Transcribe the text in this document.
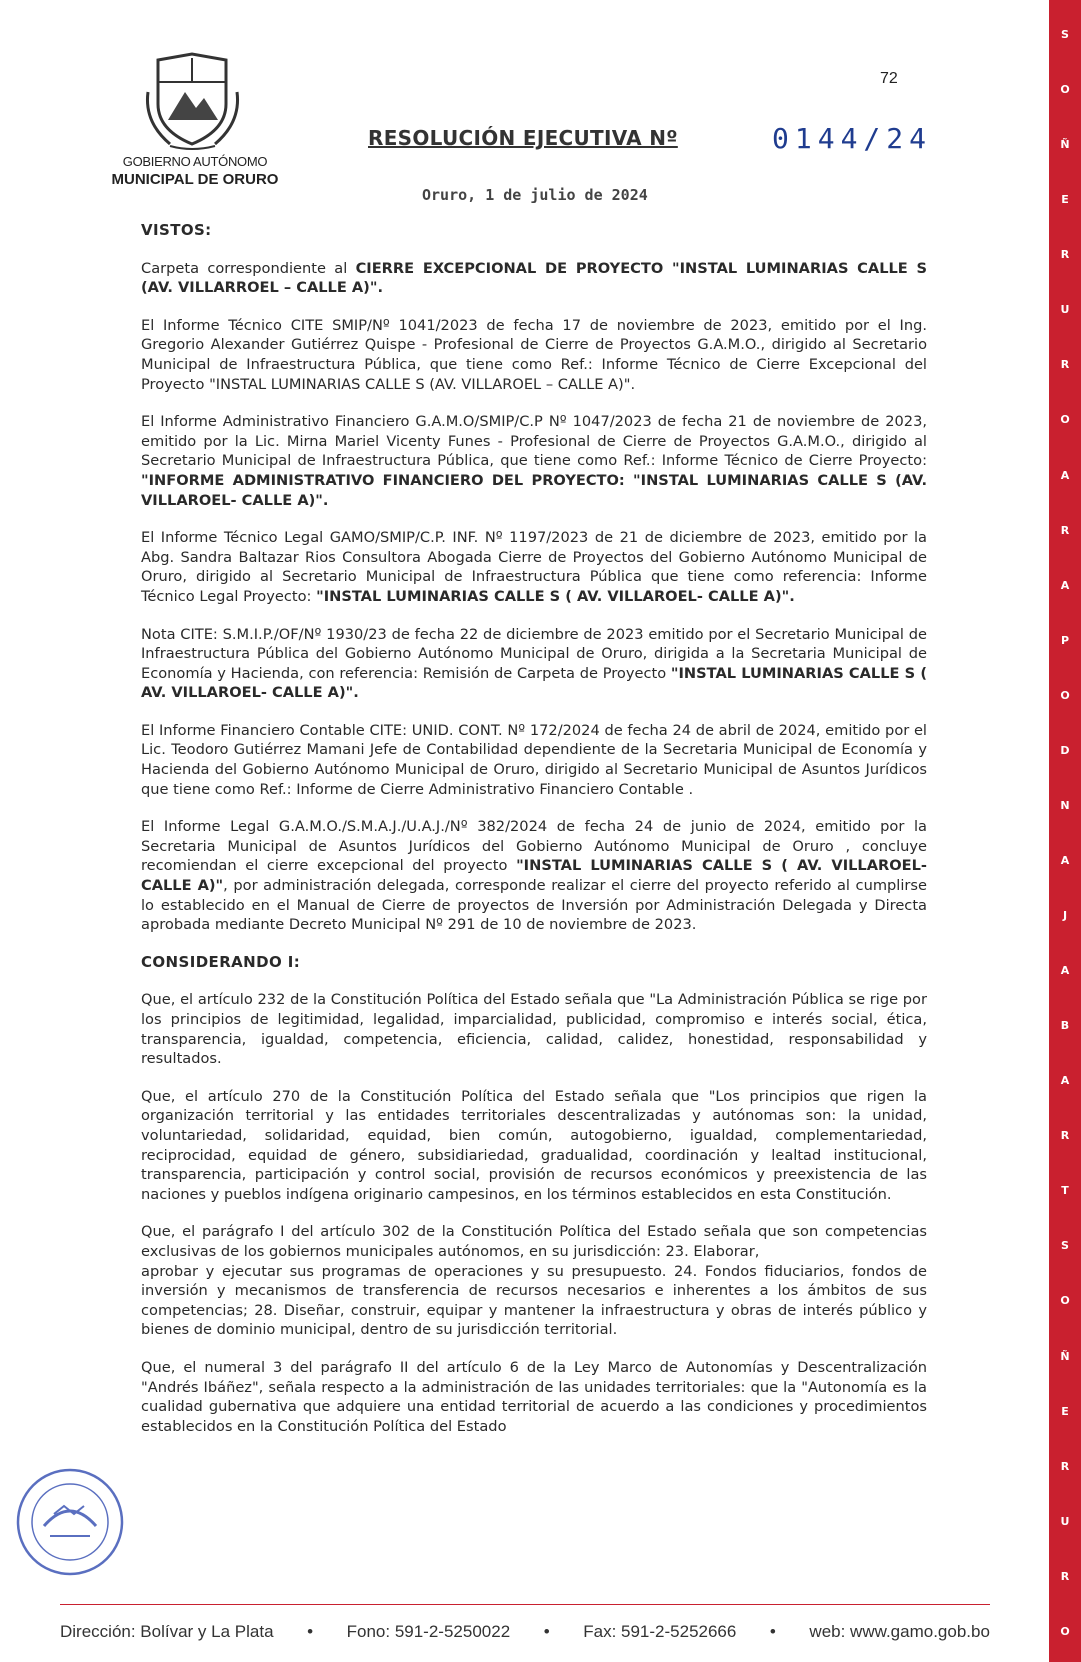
GOBIERNO AUTÓNOMO
MUNICIPAL DE ORURO
72
RESOLUCIÓN EJECUTIVA Nº	0144/24
Oruro, 1 de julio de 2024
VISTOS:

Carpeta correspondiente al CIERRE EXCEPCIONAL DE PROYECTO "INSTAL LUMINARIAS CALLE S (AV. VILLARROEL – CALLE A)".

El Informe Técnico CITE SMIP/Nº 1041/2023 de fecha 17 de noviembre de 2023, emitido por el Ing. Gregorio Alexander Gutiérrez Quispe - Profesional de Cierre de Proyectos G.A.M.O., dirigido al Secretario Municipal de Infraestructura Pública, que tiene como Ref.: Informe Técnico de Cierre Excepcional del Proyecto "INSTAL LUMINARIAS CALLE S (AV. VILLAROEL – CALLE A)".

El Informe Administrativo Financiero G.A.M.O/SMIP/C.P Nº 1047/2023 de fecha 21 de noviembre de 2023, emitido por la Lic. Mirna Mariel Vicenty Funes - Profesional de Cierre de Proyectos G.A.M.O., dirigido al Secretario Municipal de Infraestructura Pública, que tiene como Ref.: Informe Técnico de Cierre Proyecto: "INFORME ADMINISTRATIVO FINANCIERO DEL PROYECTO: "INSTAL LUMINARIAS CALLE S (AV. VILLAROEL- CALLE A)".

El Informe Técnico Legal GAMO/SMIP/C.P. INF. Nº 1197/2023 de 21 de diciembre de 2023, emitido por la Abg. Sandra Baltazar Rios Consultora Abogada Cierre de Proyectos del Gobierno Autónomo Municipal de Oruro, dirigido al Secretario Municipal de Infraestructura Pública que tiene como referencia: Informe Técnico Legal Proyecto: "INSTAL LUMINARIAS CALLE S ( AV. VILLAROEL- CALLE A)".

Nota CITE: S.M.I.P./OF/Nº 1930/23 de fecha 22 de diciembre de 2023 emitido por el Secretario Municipal de Infraestructura Pública del Gobierno Autónomo Municipal de Oruro, dirigida a la Secretaria Municipal de Economía y Hacienda, con referencia: Remisión de Carpeta de Proyecto "INSTAL LUMINARIAS CALLE S ( AV. VILLAROEL- CALLE A)".

El Informe Financiero Contable CITE: UNID. CONT. Nº 172/2024 de fecha 24 de abril de 2024, emitido por el Lic. Teodoro Gutiérrez Mamani Jefe de Contabilidad dependiente de la Secretaria Municipal de Economía y Hacienda del Gobierno Autónomo Municipal de Oruro, dirigido al Secretario Municipal de Asuntos Jurídicos que tiene como Ref.: Informe de Cierre Administrativo Financiero Contable .

El Informe Legal G.A.M.O./S.M.A.J./U.A.J./Nº 382/2024 de fecha 24 de junio de 2024, emitido por la Secretaria Municipal de Asuntos Jurídicos del Gobierno Autónomo Municipal de Oruro , concluye recomiendan el cierre excepcional del proyecto "INSTAL LUMINARIAS CALLE S ( AV. VILLAROEL- CALLE A)", por administración delegada, corresponde realizar el cierre del proyecto referido al cumplirse lo establecido en el Manual de Cierre de proyectos de Inversión por Administración Delegada y Directa aprobada mediante Decreto Municipal Nº 291 de 10 de noviembre de 2023.

CONSIDERANDO I:

Que, el artículo 232 de la Constitución Política del Estado señala que "La Administración Pública se rige por los principios de legitimidad, legalidad, imparcialidad, publicidad, compromiso e interés social, ética, transparencia, igualdad, competencia, eficiencia, calidad, calidez, honestidad, responsabilidad y resultados.

Que, el artículo 270 de la Constitución Política del Estado señala que "Los principios que rigen la organización territorial y las entidades territoriales descentralizadas y autónomas son: la unidad, voluntariedad, solidaridad, equidad, bien común, autogobierno, igualdad, complementariedad, reciprocidad, equidad de género, subsidiariedad, gradualidad, coordinación y lealtad institucional, transparencia, participación y control social, provisión de recursos económicos y preexistencia de las naciones y pueblos indígena originario campesinos, en los términos establecidos en esta Constitución.

Que, el parágrafo I del artículo 302 de la Constitución Política del Estado señala que son competencias exclusivas de los gobiernos municipales autónomos, en su jurisdicción: 23. Elaborar,

aprobar y ejecutar sus programas de operaciones y su presupuesto. 24. Fondos fiduciarios, fondos de inversión y mecanismos de transferencia de recursos necesarios e inherentes a los ámbitos de sus competencias; 28. Diseñar, construir, equipar y mantener la infraestructura y obras de interés público y bienes de dominio municipal, dentro de su jurisdicción territorial.

Que, el numeral 3 del parágrafo II del artículo 6 de la Ley Marco de Autonomías y Descentralización "Andrés Ibáñez", señala respecto a la administración de las unidades territoriales: que la "Autonomía es la cualidad gubernativa que adquiere una entidad territorial de acuerdo a las condiciones y procedimientos establecidos en la Constitución Política del Estado

S
O
Ñ
E
R
U
R
O
A
R
A
P
O
D
N
A
J
A
B
A
R
T
S
O
Ñ
E
R
U
R
O
Dirección: Bolívar y La Plata • Fono: 591-2-5250022 • Fax: 591-2-5252666 • web: www.gamo.gob.bo
